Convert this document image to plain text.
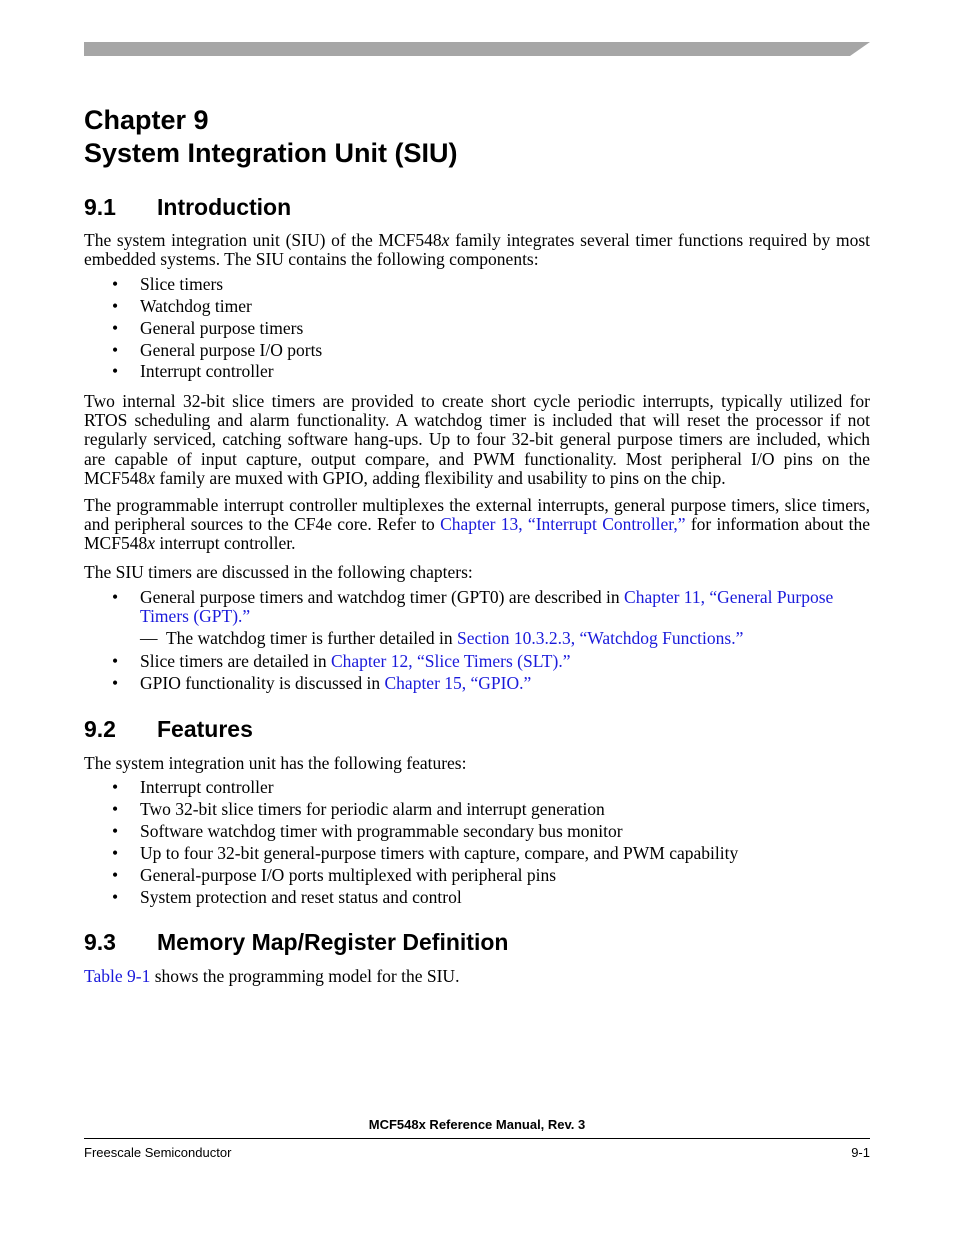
Chapter 9
System Integration Unit (SIU)
9.1 Introduction

The system integration unit (SIU) of the MCF548x family integrates several timer functions required by most embedded systems. The SIU contains the following components:

• Slice timers
• Watchdog timer
• General purpose timers
• General purpose I/O ports
• Interrupt controller

Two internal 32-bit slice timers are provided to create short cycle periodic interrupts, typically utilized for RTOS scheduling and alarm functionality. A watchdog timer is included that will reset the processor if not regularly serviced, catching software hang-ups. Up to four 32-bit general purpose timers are included, which are capable of input capture, output compare, and PWM functionality. Most peripheral I/O pins on the MCF548x family are muxed with GPIO, adding flexibility and usability to pins on the chip.

The programmable interrupt controller multiplexes the external interrupts, general purpose timers, slice timers, and peripheral sources to the CF4e core. Refer to Chapter 13, “Interrupt Controller,” for information about the MCF548x interrupt controller.

The SIU timers are discussed in the following chapters:

• General purpose timers and watchdog timer (GPT0) are described in Chapter 11, “General Purpose Timers (GPT).”
— The watchdog timer is further detailed in Section 10.3.2.3, “Watchdog Functions.”
• Slice timers are detailed in Chapter 12, “Slice Timers (SLT).”
• GPIO functionality is discussed in Chapter 15, “GPIO.”
9.2 Features

The system integration unit has the following features:

• Interrupt controller
• Two 32-bit slice timers for periodic alarm and interrupt generation
• Software watchdog timer with programmable secondary bus monitor
• Up to four 32-bit general-purpose timers with capture, compare, and PWM capability
• General-purpose I/O ports multiplexed with peripheral pins
• System protection and reset status and control
9.3 Memory Map/Register Definition

Table 9-1 shows the programming model for the SIU.

MCF548x Reference Manual, Rev. 3
Freescale Semiconductor	9-1
